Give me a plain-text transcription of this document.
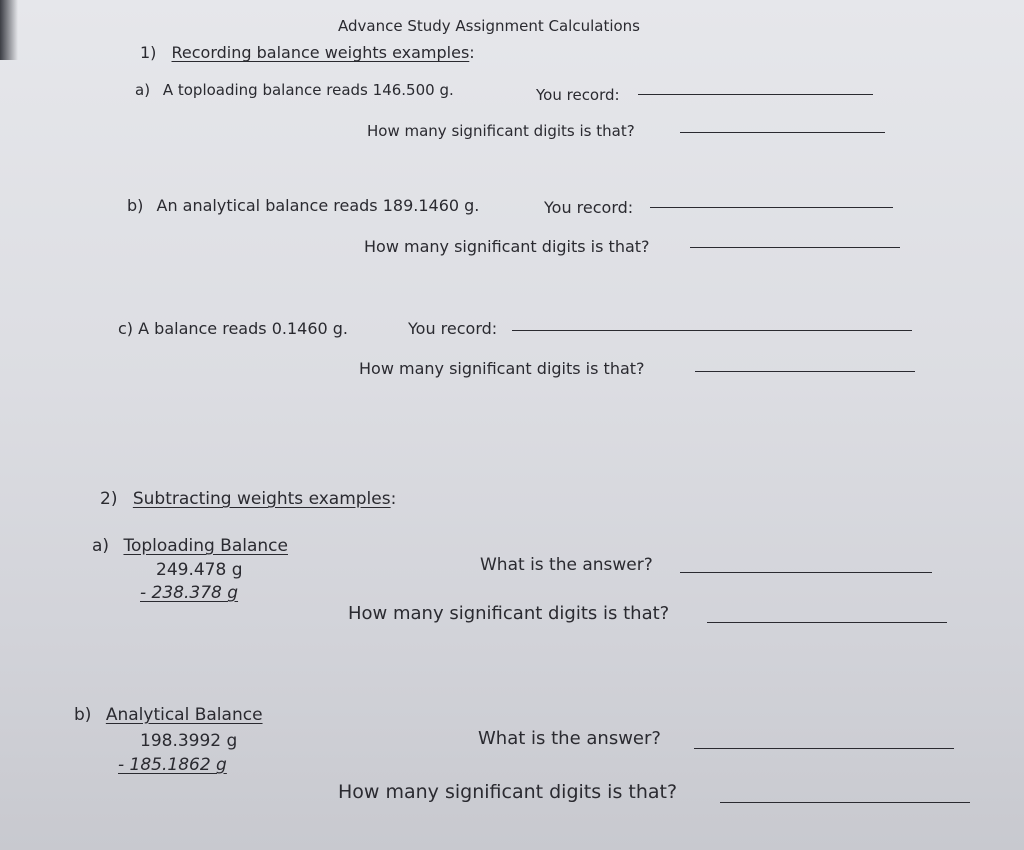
Advance Study Assignment Calculations
1) Recording balance weights examples:
a) A toploading balance reads 146.500 g.	You record:
How many significant digits is that?
b) An analytical balance reads 189.1460 g.	You record:
How many significant digits is that?
c) A balance reads 0.1460 g.	You record:
How many significant digits is that?
2) Subtracting weights examples:
a) Toploading Balance
249.478 g
- 238.378 g
What is the answer?
How many significant digits is that?
b) Analytical Balance
198.3992 g
- 185.1862 g
What is the answer?
How many significant digits is that?
